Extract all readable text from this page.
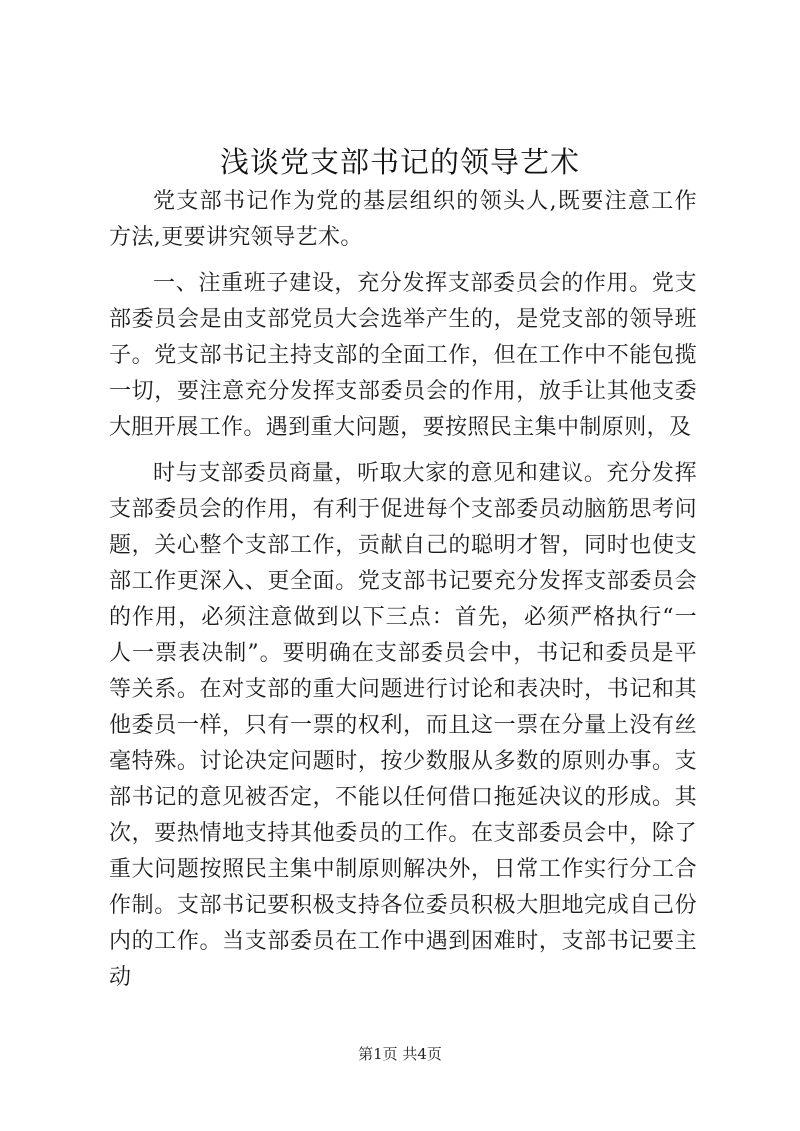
浅谈党支部书记的领导艺术

党支部书记作为党的基层组织的领头人,既要注意工作方法,更要讲究领导艺术。

一、注重班子建设，充分发挥支部委员会的作用。党支部委员会是由支部党员大会选举产生的，是党支部的领导班子。党支部书记主持支部的全面工作，但在工作中不能包揽一切，要注意充分发挥支部委员会的作用，放手让其他支委大胆开展工作。遇到重大问题，要按照民主集中制原则，及

时与支部委员商量，听取大家的意见和建议。充分发挥支部委员会的作用，有利于促进每个支部委员动脑筋思考问题，关心整个支部工作，贡献自己的聪明才智，同时也使支部工作更深入、更全面。党支部书记要充分发挥支部委员会的作用，必须注意做到以下三点：首先，必须严格执行“一人一票表决制”。要明确在支部委员会中，书记和委员是平等关系。在对支部的重大问题进行讨论和表决时，书记和其他委员一样，只有一票的权利，而且这一票在分量上没有丝毫特殊。讨论决定问题时，按少数服从多数的原则办事。支部书记的意见被否定，不能以任何借口拖延决议的形成。其次，要热情地支持其他委员的工作。在支部委员会中，除了重大问题按照民主集中制原则解决外，日常工作实行分工合作制。支部书记要积极支持各位委员积极大胆地完成自己份内的工作。当支部委员在工作中遇到困难时，支部书记要主动

第1页 共4页
